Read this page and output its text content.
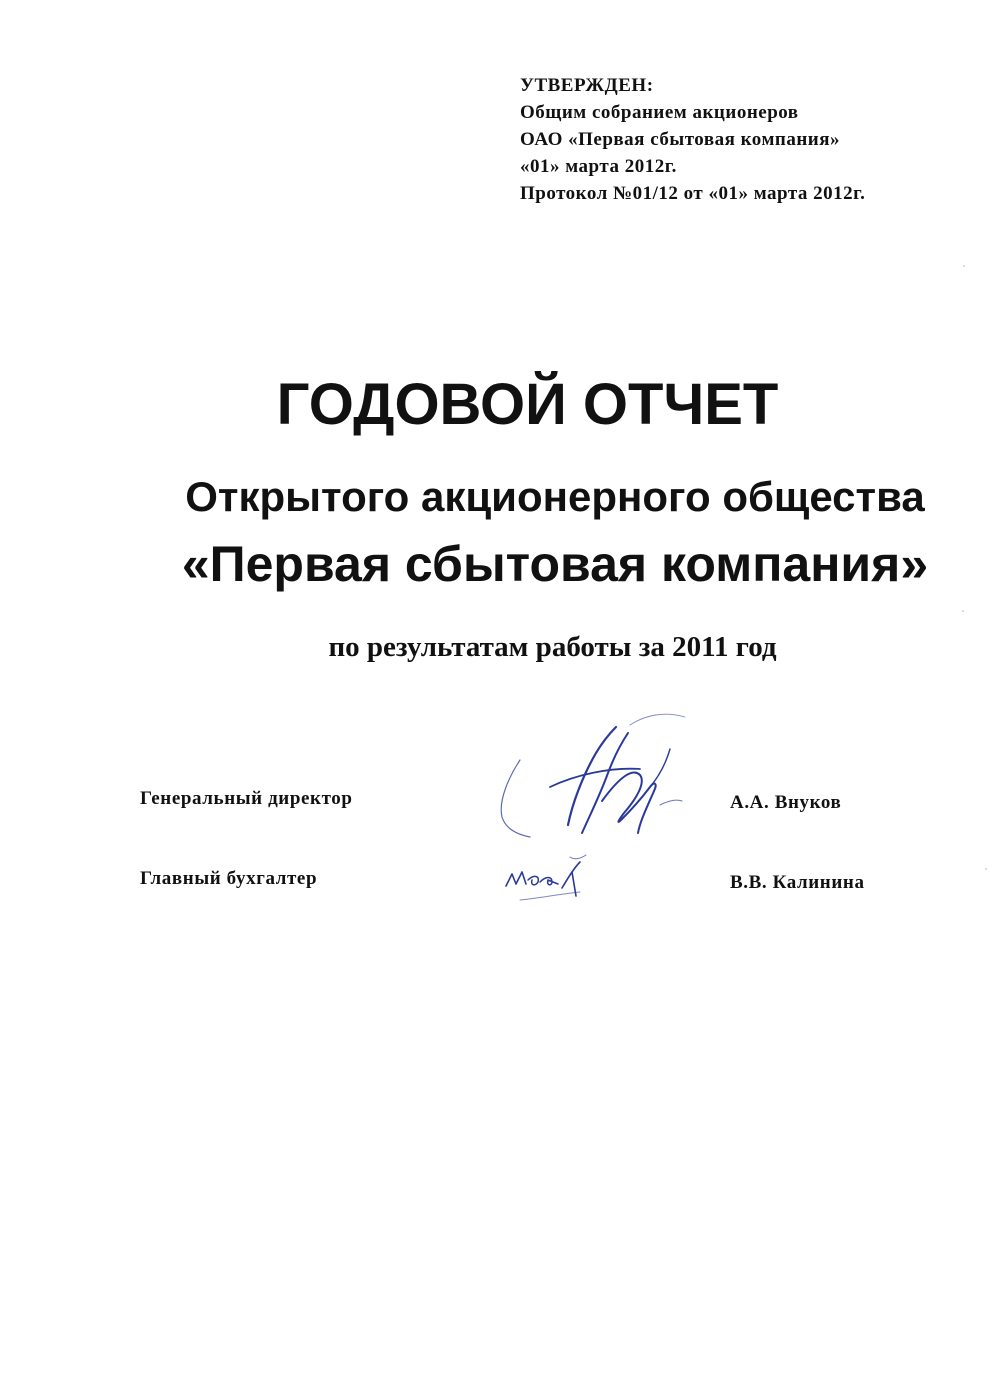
УТВЕРЖДЕН:
Общим собранием акционеров
ОАО «Первая сбытовая компания»
«01» марта 2012г.
Протокол №01/12 от «01» марта 2012г.
ГОДОВОЙ ОТЧЕТ
Открытого акционерного общества
«Первая сбытовая компания»
по результатам работы за 2011 год
Генеральный директор	А.А. Внуков
Главный бухгалтер	В.В. Калинина
